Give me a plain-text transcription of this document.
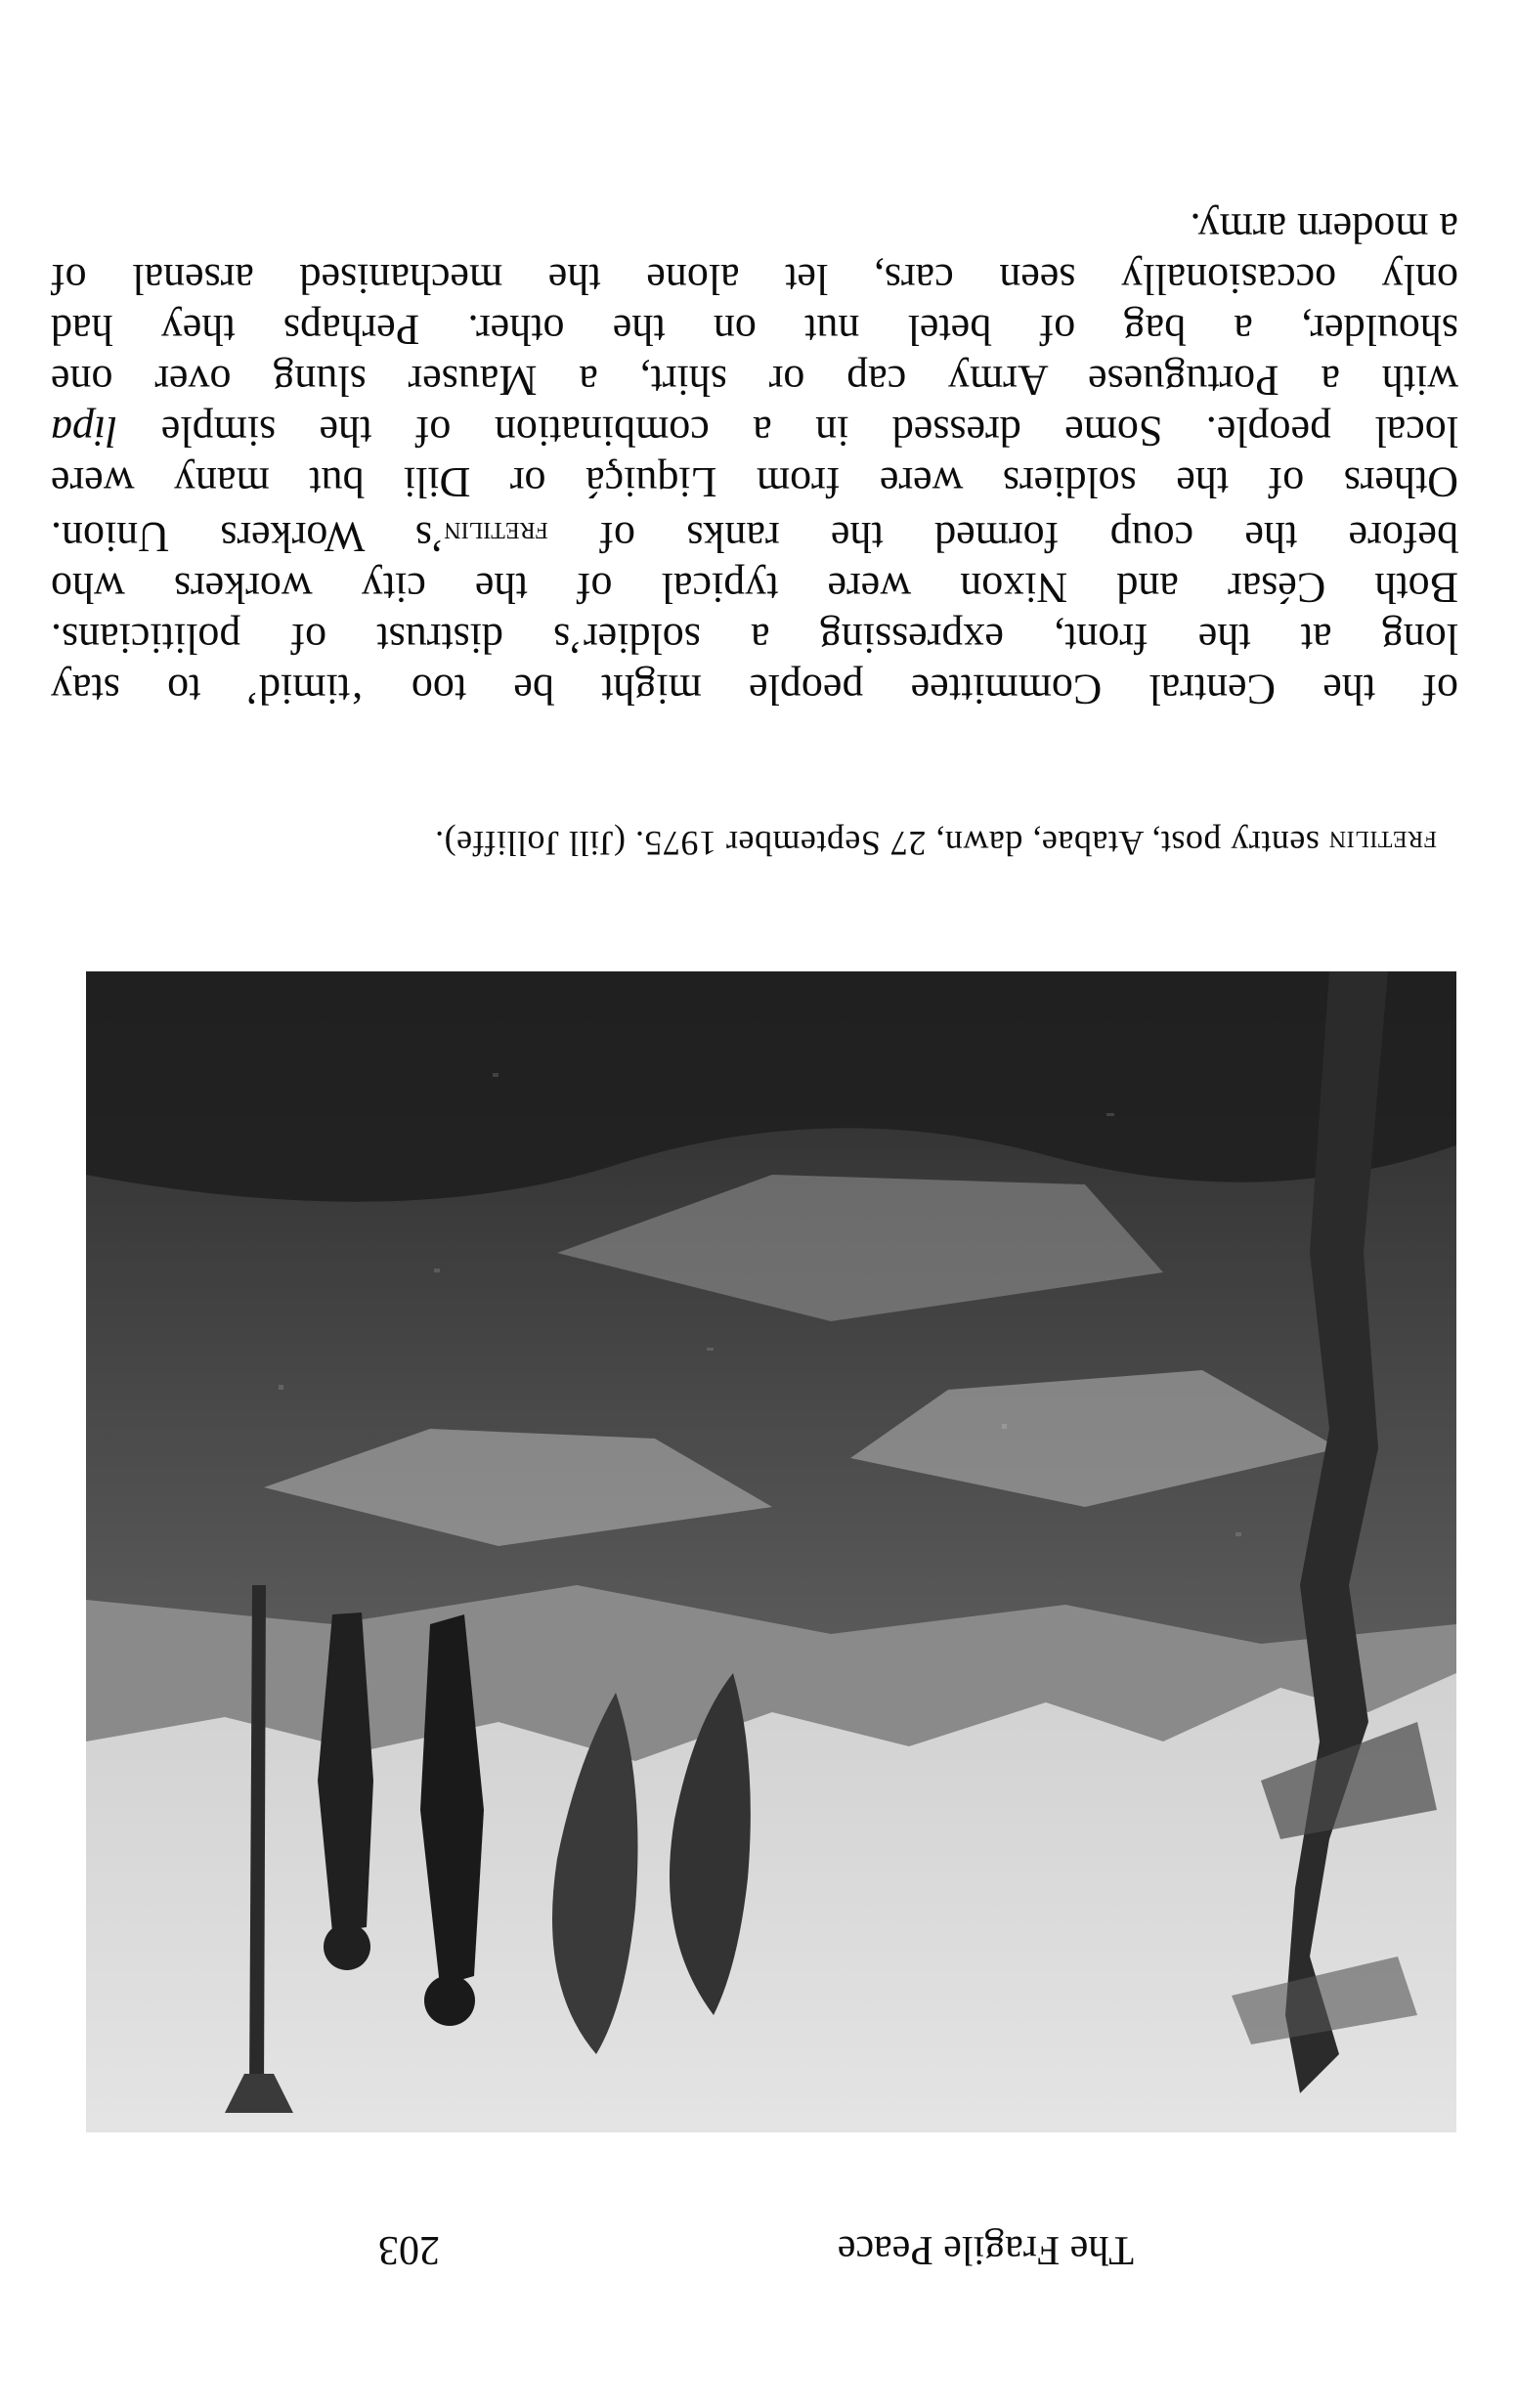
The Fragile Peace
203
fretilin sentry post, Atabae, dawn, 27 September 1975. (Jill Jolliffe).
of the Central Committee people might be too ‘timid’ to stay
long at the front, expressing a soldier’s distrust of politicians.
Both César and Nixon were typical of the city workers who
before the coup formed the ranks of fretilin’s Workers Union.
Others of the soldiers were from Liquiçá or Dili but many were
local people. Some dressed in a combination of the simple lipa
with a Portuguese Army cap or shirt, a Mauser slung over one
shoulder, a bag of betel nut on the other. Perhaps they had
only occasionally seen cars, let alone the mechanised arsenal of
a modern army.
